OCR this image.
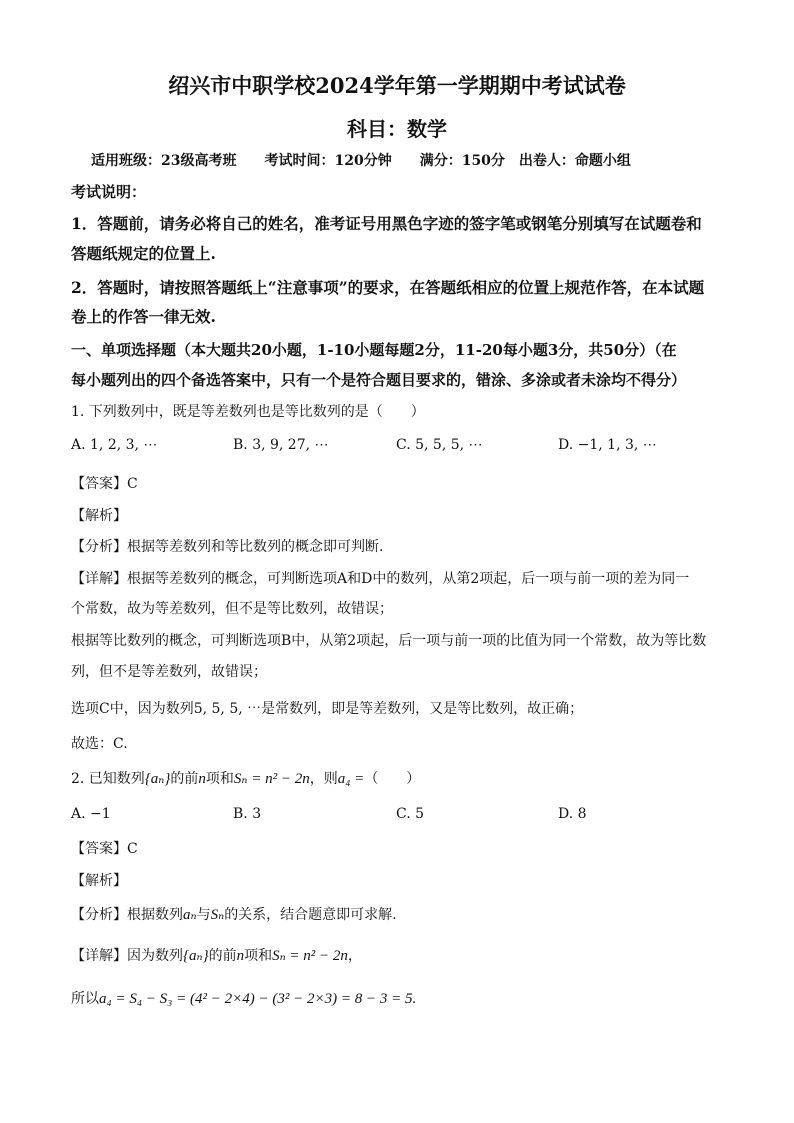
绍兴市中职学校2024学年第一学期期中考试试卷
科目：数学
适用班级：23级高考班　　考试时间：120分钟　　满分：150分　出卷人：命题小组
考试说明：
1．答题前，请务必将自己的姓名，准考证号用黑色字迹的签字笔或钢笔分别填写在试题卷和
答题纸规定的位置上.
2．答题时，请按照答题纸上“注意事项”的要求，在答题纸相应的位置上规范作答，在本试题
卷上的作答一律无效.
一、单项选择题（本大题共20小题，1-10小题每题2分，11-20每小题3分，共50分）（在
每小题列出的四个备选答案中，只有一个是符合题目要求的，错涂、多涂或者未涂均不得分）
1. 下列数列中，既是等差数列也是等比数列的是（　　）
A. 1, 2, 3, ⋯	B. 3, 9, 27, ⋯	C. 5, 5, 5, ⋯	D. −1, 1, 3, ⋯
【答案】C
【解析】
【分析】根据等差数列和等比数列的概念即可判断.
【详解】根据等差数列的概念，可判断选项A和D中的数列，从第2项起，后一项与前一项的差为同一
个常数，故为等差数列，但不是等比数列，故错误；
根据等比数列的概念，可判断选项B中，从第2项起，后一项与前一项的比值为同一个常数，故为等比数
列，但不是等差数列，故错误；
选项C中，因为数列5, 5, 5, ⋯是常数列，即是等差数列，又是等比数列，故正确；
故选：C.
2. 已知数列{aₙ}的前n项和Sₙ = n² − 2n，则a₄ =（　　）
A. −1	B. 3	C. 5	D. 8
【答案】C
【解析】
【分析】根据数列aₙ与Sₙ的关系，结合题意即可求解.
【详解】因为数列{aₙ}的前n项和Sₙ = n² − 2n，
所以a₄ = S₄ − S₃ = (4² − 2×4) − (3² − 2×3) = 8 − 3 = 5.
